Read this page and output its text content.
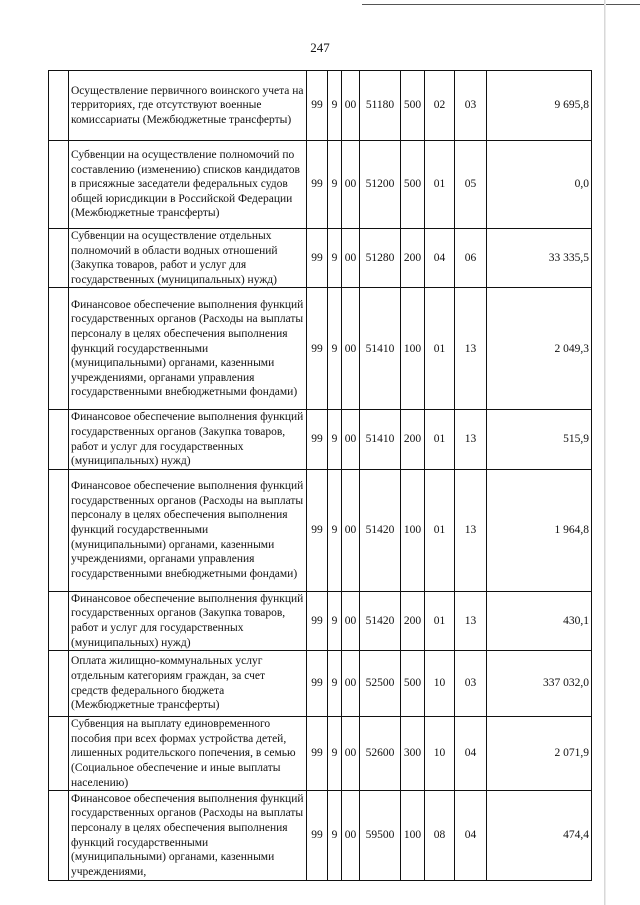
247
	Осуществление первичного воинского учета на территориях, где отсутствуют военные комиссариаты (Межбюджетные трансферты)	99	9	00	51180	500	02	03	9 695,8
	Субвенции на осуществление полномочий по составлению (изменению) списков кандидатов в присяжные заседатели федеральных судов общей юрисдикции в Российской Федерации (Межбюджетные трансферты)	99	9	00	51200	500	01	05	0,0
	Субвенции на осуществление отдельных полномочий в области водных отношений (Закупка товаров, работ и услуг для государственных (муниципальных) нужд)	99	9	00	51280	200	04	06	33 335,5
	Финансовое обеспечение выполнения функций государственных органов (Расходы на выплаты персоналу в целях обеспечения выполнения функций государственными (муниципальными) органами, казенными учреждениями, органами управления государственными внебюджетными фондами)	99	9	00	51410	100	01	13	2 049,3
	Финансовое обеспечение выполнения функций государственных органов (Закупка товаров, работ и услуг для государственных (муниципальных) нужд)	99	9	00	51410	200	01	13	515,9
	Финансовое обеспечение выполнения функций государственных органов (Расходы на выплаты персоналу в целях обеспечения выполнения функций государственными (муниципальными) органами, казенными учреждениями, органами управления государственными внебюджетными фондами)	99	9	00	51420	100	01	13	1 964,8
	Финансовое обеспечение выполнения функций государственных органов (Закупка товаров, работ и услуг для государственных (муниципальных) нужд)	99	9	00	51420	200	01	13	430,1
	Оплата жилищно-коммунальных услуг отдельным категориям граждан, за счет средств федерального бюджета (Межбюджетные трансферты)	99	9	00	52500	500	10	03	337 032,0
	Субвенция на выплату единовременного пособия при всех формах устройства детей, лишенных родительского попечения, в семью (Социальное обеспечение и иные выплаты населению)	99	9	00	52600	300	10	04	2 071,9
	Финансовое обеспечения выполнения функций государственных органов (Расходы на выплаты персоналу в целях обеспечения выполнения функций государственными (муниципальными) органами, казенными учреждениями,	99	9	00	59500	100	08	04	474,4
